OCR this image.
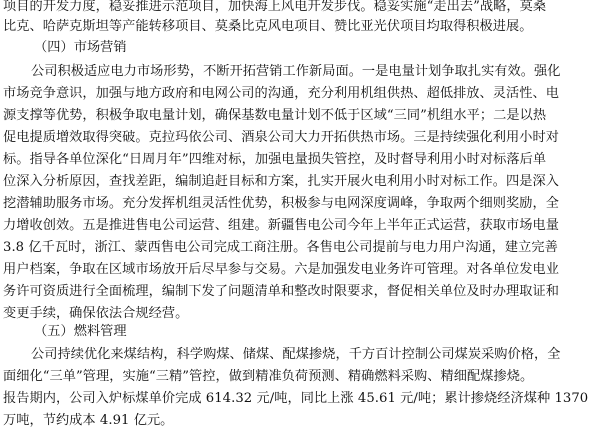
项目的开发力度，稳妥推进示范项目，加快海上风电开发步伐。稳妥实施“走出去”战略，莫桑
比克、哈萨克斯坦等产能转移项目、莫桑比克风电项目、赞比亚光伏项目均取得积极进展。
（四）市场营销
公司积极适应电力市场形势，不断开拓营销工作新局面。一是电量计划争取扎实有效。强化
市场竞争意识，加强与地方政府和电网公司的沟通，充分利用机组供热、超低排放、灵活性、电
源支撑等优势，积极争取电量计划，确保基数电量计划不低于区域“三同”机组水平；二是以热
促电提质增效取得突破。克拉玛依公司、酒泉公司大力开拓供热市场。三是持续强化利用小时对
标。指导各单位深化“日周月年”四维对标，加强电量损失管控，及时督导利用小时对标落后单
位深入分析原因，查找差距，编制追赶目标和方案，扎实开展火电利用小时对标工作。四是深入
挖潜辅助服务市场。充分发挥机组灵活性优势，积极参与电网深度调峰，争取两个细则奖励，全
力增收创效。五是推进售电公司运营、组建。新疆售电公司今年上半年正式运营，获取市场电量
3.8 亿千瓦时，浙江、蒙西售电公司完成工商注册。各售电公司提前与电力用户沟通，建立完善
用户档案，争取在区域市场放开后尽早参与交易。六是加强发电业务许可管理。对各单位发电业
务许可资质进行全面梳理，编制下发了问题清单和整改时限要求，督促相关单位及时办理取证和
变更手续，确保依法合规经营。
（五）燃料管理
公司持续优化来煤结构，科学购煤、储煤、配煤掺烧，千方百计控制公司煤炭采购价格，全
面细化“三单”管理，实施“三精”管控，做到精准负荷预测、精确燃料采购、精细配煤掺烧。
报告期内，公司入炉标煤单价完成 614.32 元/吨，同比上涨 45.61 元/吨；累计掺烧经济煤种 1370
万吨，节约成本 4.91 亿元。
